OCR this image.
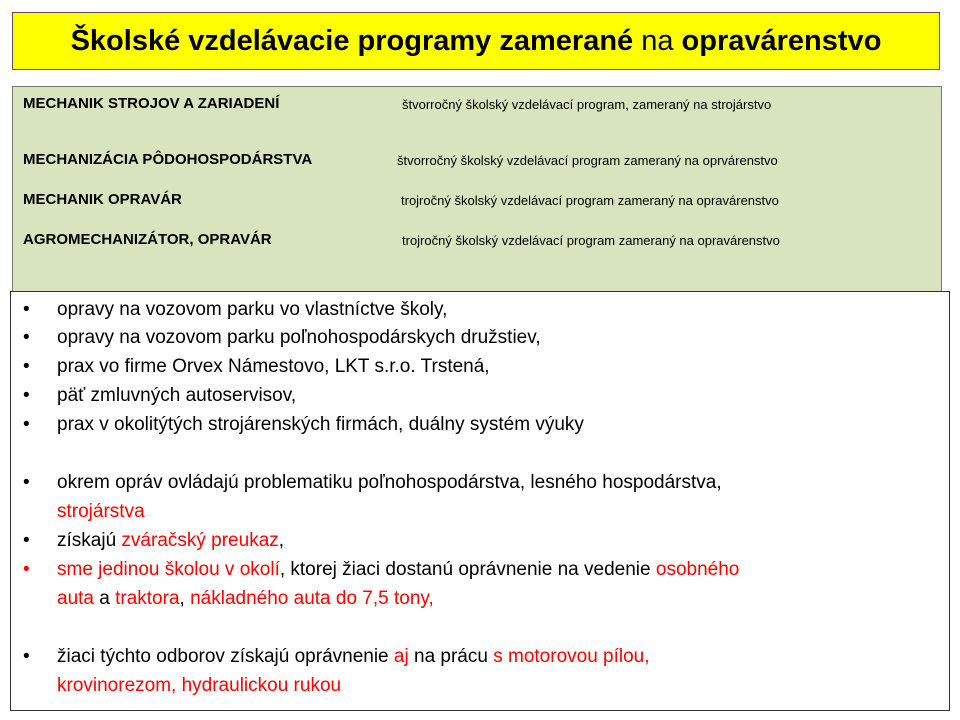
Školské vzdelávacie programy zamerané na opravárenstvo
MECHANIK STROJOV A ZARIADENÍ	štvorročný školský vzdelávací program, zameraný na strojárstvo
MECHANIZÁCIA PÔDOHOSPODÁRSTVA	štvorročný školský vzdelávací program zameraný na oprvárenstvo
MECHANIK OPRAVÁR	trojročný školský vzdelávací program zameraný na opravárenstvo
AGROMECHANIZÁTOR, OPRAVÁR	trojročný školský vzdelávací program zameraný na opravárenstvo
• opravy na vozovom parku vo vlastníctve školy,
• opravy na vozovom parku poľnohospodárskych družstiev,
• prax vo firme Orvex Námestovo, LKT s.r.o. Trstená,
• päť zmluvných autoservisov,
• prax v okolitýtých strojárenských firmách, duálny systém výuky
• okrem opráv ovládajú problematiku poľnohospodárstva, lesného hospodárstva,
strojárstva
• získajú zváračský preukaz,
• sme jedinou školou v okolí, ktorej žiaci dostanú oprávnenie na vedenie osobného
auta a traktora, nákladného auta do 7,5 tony,
• žiaci týchto odborov získajú oprávnenie aj na prácu s motorovou pílou,
krovinorezom, hydraulickou rukou
